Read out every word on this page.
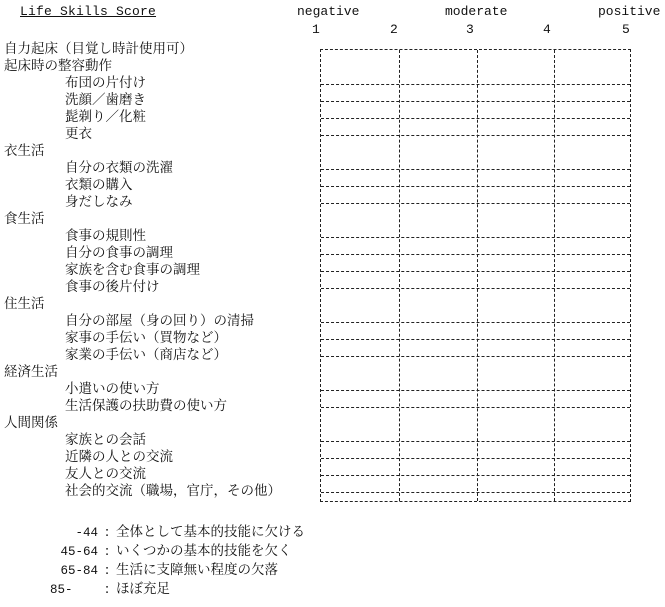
Life Skills Score	negative	moderate	positive
1	2	3	4	5
自力起床（目覚し時計使用可）
起床時の整容動作
布団の片付け
洗顔／歯磨き
髭剃り／化粧
更衣
衣生活
自分の衣類の洗濯
衣類の購入
身だしなみ
食生活
食事の規則性
自分の食事の調理
家族を含む食事の調理
食事の後片付け
住生活
自分の部屋（身の回り）の清掃
家事の手伝い（買物など）
家業の手伝い（商店など）
経済生活
小遣いの使い方
生活保護の扶助費の使い方
人間関係
家族との会話
近隣の人との交流
友人との交流
社会的交流（職場，官庁，その他）
-44 : 全体として基本的技能に欠ける
45-64 : いくつかの基本的技能を欠く
65-84 : 生活に支障無い程度の欠落
85- : ほぼ充足
